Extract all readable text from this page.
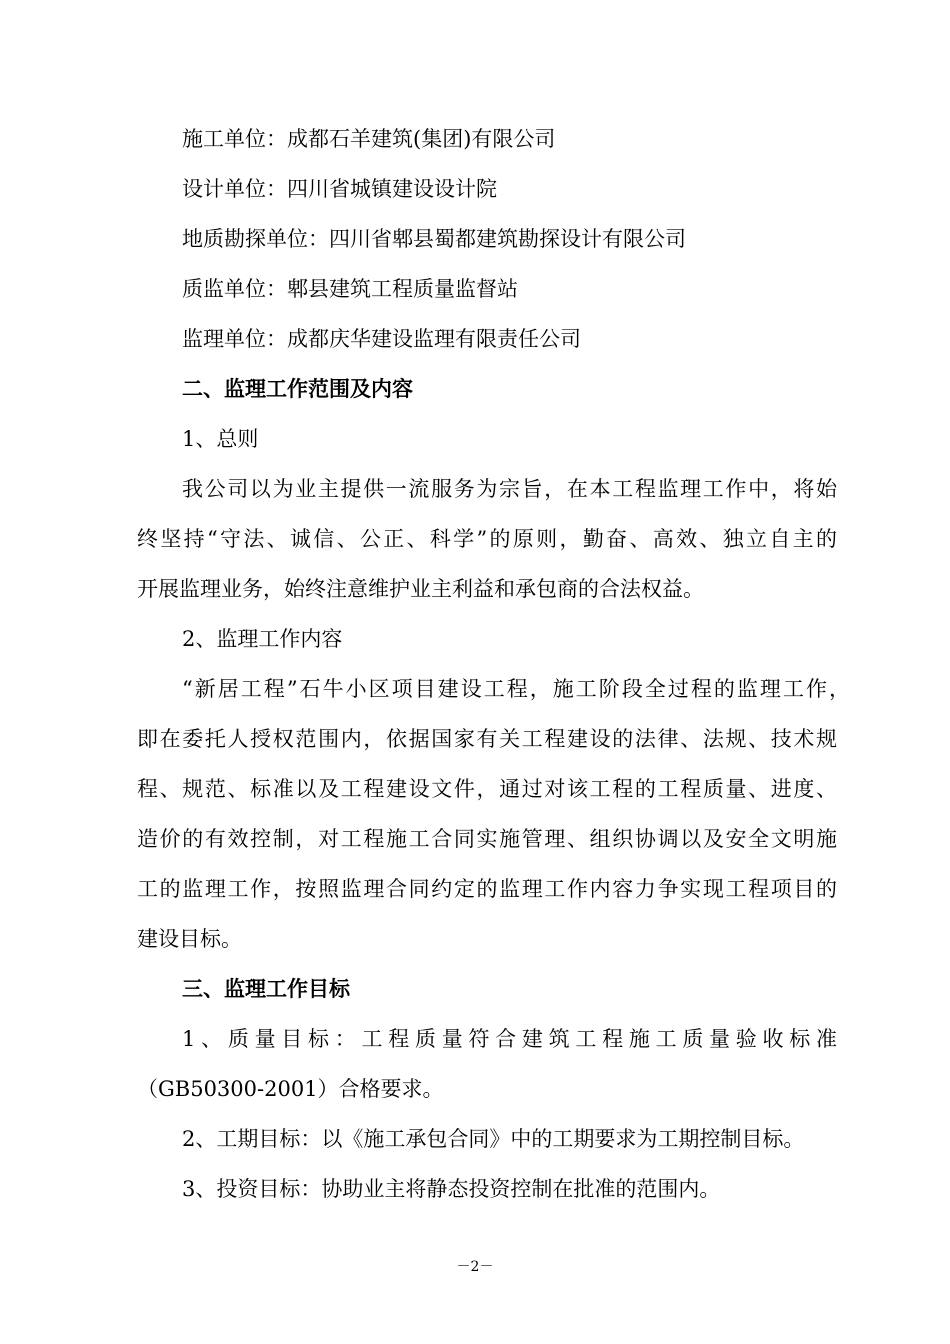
施工单位：成都石羊建筑(集团)有限公司
设计单位：四川省城镇建设设计院
地质勘探单位：四川省郫县蜀都建筑勘探设计有限公司
质监单位：郫县建筑工程质量监督站
监理单位：成都庆华建设监理有限责任公司
二、监理工作范围及内容
1、总则
我公司以为业主提供一流服务为宗旨，在本工程监理工作中，将始
终坚持“守法、诚信、公正、科学”的原则，勤奋、高效、独立自主的
开展监理业务，始终注意维护业主利益和承包商的合法权益。
2、监理工作内容
“新居工程”石牛小区项目建设工程，施工阶段全过程的监理工作，
即在委托人授权范围内，依据国家有关工程建设的法律、法规、技术规
程、规范、标准以及工程建设文件，通过对该工程的工程质量、进度、
造价的有效控制，对工程施工合同实施管理、组织协调以及安全文明施
工的监理工作，按照监理合同约定的监理工作内容力争实现工程项目的
建设目标。
三、监理工作目标
1、质量目标：工程质量符合建筑工程施工质量验收标准
（GB50300-2001）合格要求。
2、工期目标：以《施工承包合同》中的工期要求为工期控制目标。
3、投资目标：协助业主将静态投资控制在批准的范围内。
－2－
